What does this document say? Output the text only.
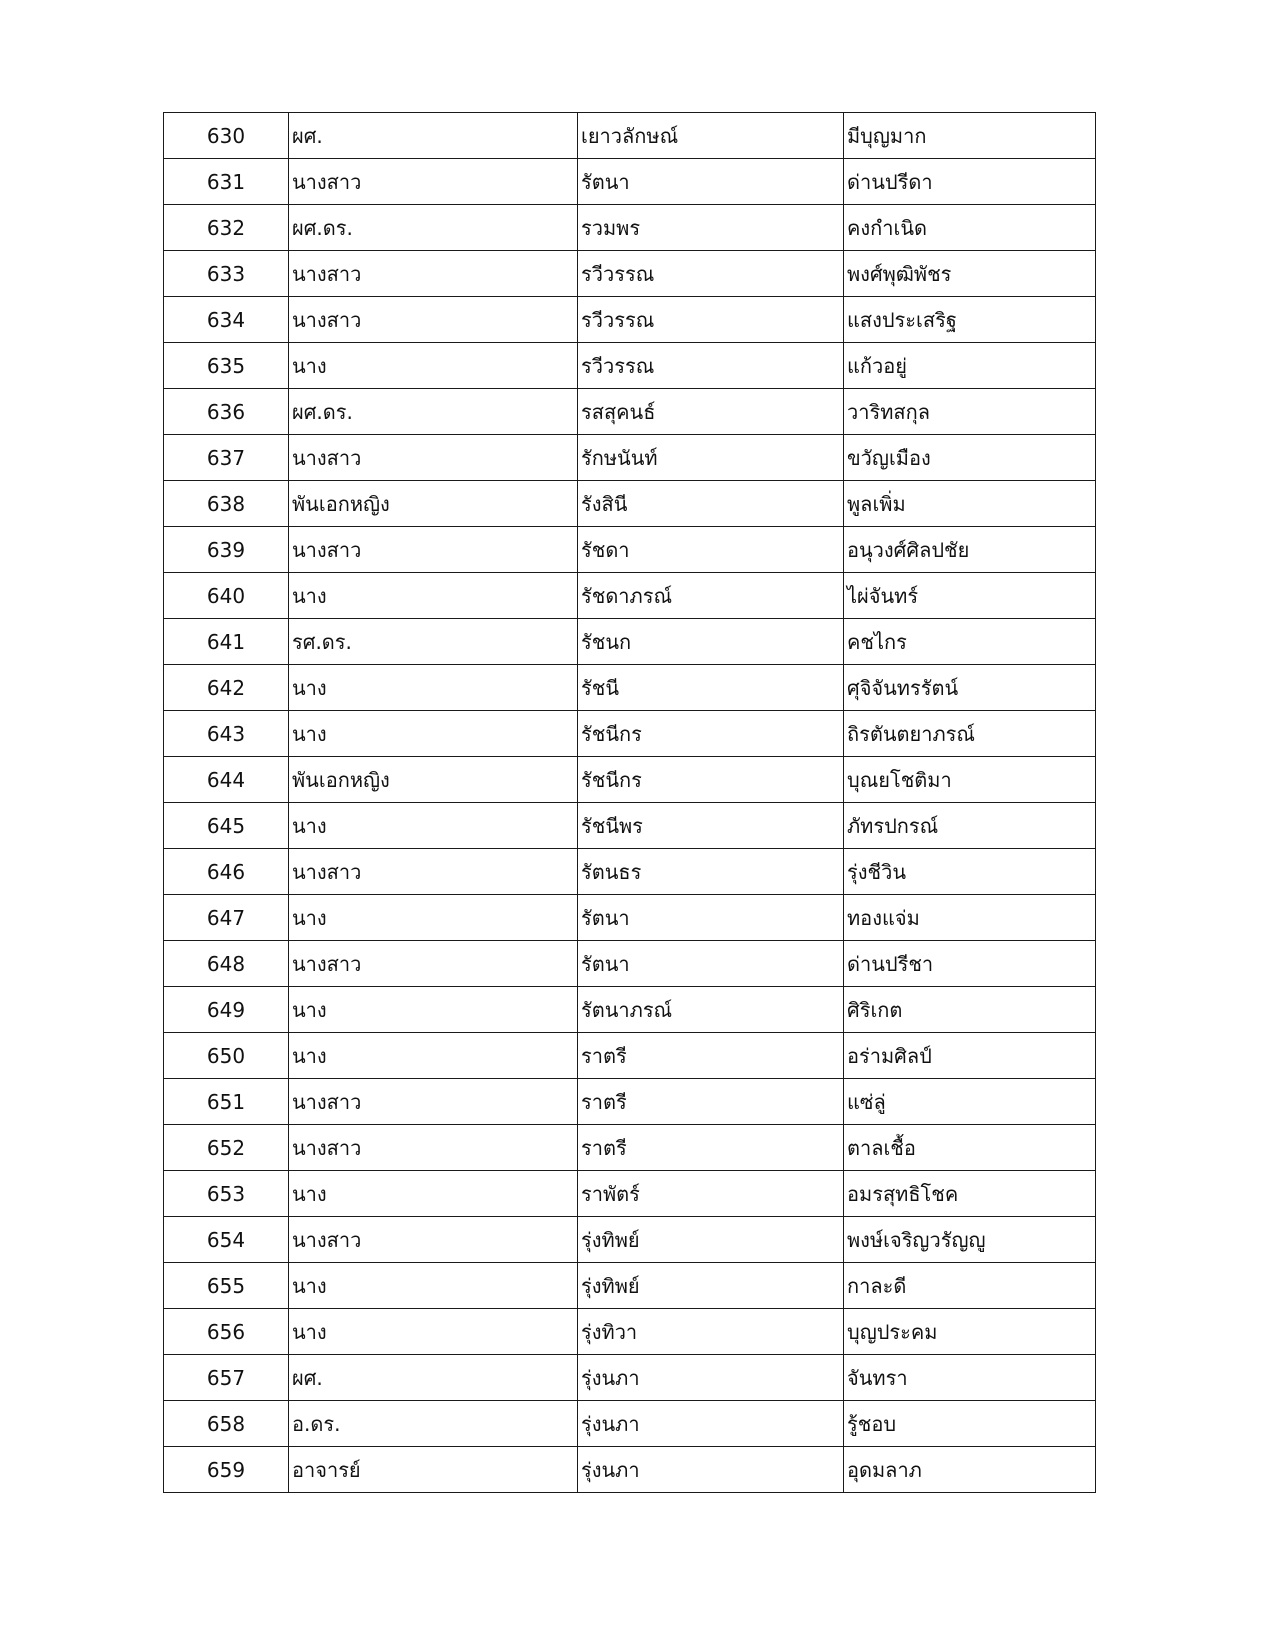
630	ผศ.	เยาวลักษณ์	มีบุญมาก
631	นางสาว	รัตนา	ด่านปรีดา
632	ผศ.ดร.	รวมพร	คงกำเนิด
633	นางสาว	รวีวรรณ	พงศ์พุฒิพัชร
634	นางสาว	รวีวรรณ	แสงประเสริฐ
635	นาง	รวีวรรณ	แก้วอยู่
636	ผศ.ดร.	รสสุคนธ์	วาริทสกุล
637	นางสาว	รักษนันท์	ขวัญเมือง
638	พันเอกหญิง	รังสินี	พูลเพิ่ม
639	นางสาว	รัชดา	อนุวงศ์ศิลปชัย
640	นาง	รัชดาภรณ์	ไผ่จันทร์
641	รศ.ดร.	รัชนก	คชไกร
642	นาง	รัชนี	ศุจิจันทรรัตน์
643	นาง	รัชนีกร	ถิรตันตยาภรณ์
644	พันเอกหญิง	รัชนีกร	บุณยโชติมา
645	นาง	รัชนีพร	ภัทรปกรณ์
646	นางสาว	รัตนธร	รุ่งชีวิน
647	นาง	รัตนา	ทองแจ่ม
648	นางสาว	รัตนา	ด่านปรีชา
649	นาง	รัตนาภรณ์	ศิริเกต
650	นาง	ราตรี	อร่ามศิลป์
651	นางสาว	ราตรี	แซ่ลู่
652	นางสาว	ราตรี	ตาลเชื้อ
653	นาง	ราพัตร์	อมรสุทธิโชค
654	นางสาว	รุ่งทิพย์	พงษ์เจริญวรัญญู
655	นาง	รุ่งทิพย์	กาละดี
656	นาง	รุ่งทิวา	บุญประคม
657	ผศ.	รุ่งนภา	จันทรา
658	อ.ดร.	รุ่งนภา	รู้ชอบ
659	อาจารย์	รุ่งนภา	อุดมลาภ
